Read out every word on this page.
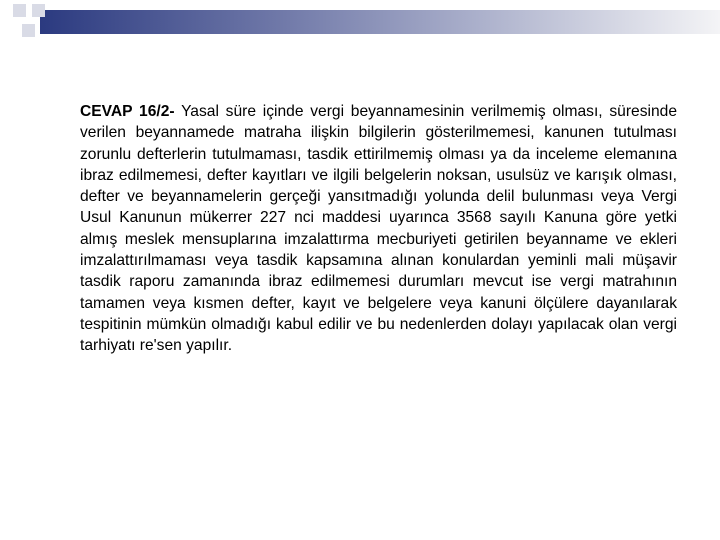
CEVAP 16/2- Yasal süre içinde vergi beyannamesinin verilmemiş olması, süresinde verilen beyannamede matraha ilişkin bilgilerin gösterilmemesi, kanunen tutulması zorunlu defterlerin tutulmaması, tasdik ettirilmemiş olması ya da inceleme elemanına ibraz edilmemesi, defter kayıtları ve ilgili belgelerin noksan, usulsüz ve karışık olması, defter ve beyannamelerin gerçeği yansıtmadığı yolunda delil bulunması veya Vergi Usul Kanunun mükerrer 227 nci maddesi uyarınca 3568 sayılı Kanuna göre yetki almış meslek mensuplarına imzalattırma mecburiyeti getirilen beyanname ve ekleri imzalattırılmaması veya tasdik kapsamına alınan konulardan yeminli mali müşavir tasdik raporu zamanında ibraz edilmemesi durumları mevcut ise vergi matrahının tamamen veya kısmen defter, kayıt ve belgelere veya kanuni ölçülere dayanılarak tespitinin mümkün olmadığı kabul edilir ve bu nedenlerden dolayı yapılacak olan vergi tarhiyatı re'sen yapılır.
